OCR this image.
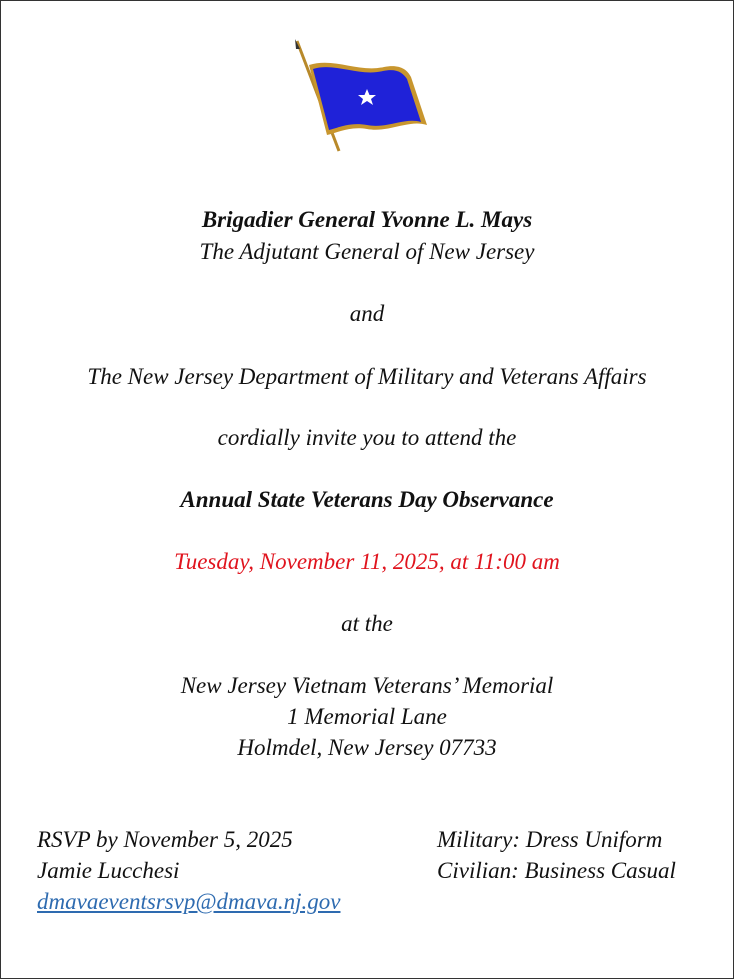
Brigadier General Yvonne L. Mays
The Adjutant General of New Jersey
and
The New Jersey Department of Military and Veterans Affairs
cordially invite you to attend the
Annual State Veterans Day Observance
Tuesday, November 11, 2025, at 11:00 am
at the
New Jersey Vietnam Veterans’ Memorial
1 Memorial Lane
Holmdel, New Jersey 07733
RSVP by November 5, 2025
Jamie Lucchesi
dmavaeventsrsvp@dmava.nj.gov
Military: Dress Uniform
Civilian: Business Casual
